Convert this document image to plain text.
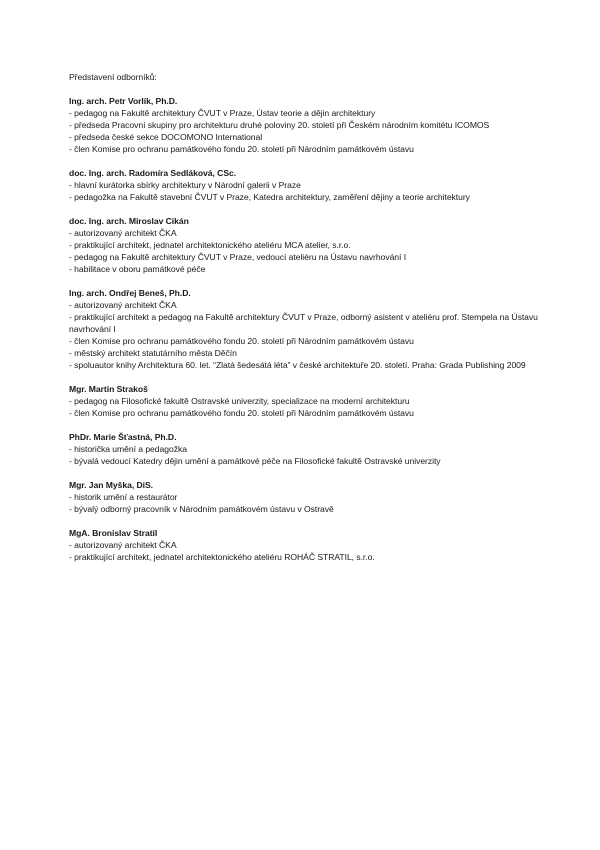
Představení odborníků:

Ing. arch. Petr Vorlík, Ph.D.

- pedagog na Fakultě architektury ČVUT v Praze, Ústav teorie a dějin architektury

- předseda Pracovní skupiny pro architekturu druhé poloviny 20. století při Českém národním komitétu ICOMOS

- předseda české sekce DOCOMONO International

- člen Komise pro ochranu památkového fondu 20. století při Národním památkovém ústavu

doc. Ing. arch. Radomíra Sedláková, CSc.

- hlavní kurátorka sbírky architektury v Národní galerii v Praze

- pedagožka na Fakultě stavební ČVUT v Praze, Katedra architektury, zaměření dějiny a teorie architektury

doc. Ing. arch. Miroslav Cikán

- autorizovaný architekt ČKA

- praktikující architekt, jednatel architektonického ateliéru MCA atelier, s.r.o.

- pedagog na Fakultě architektury ČVUT v Praze, vedoucí ateliéru na Ústavu navrhování I

- habilitace v oboru památkové péče

Ing. arch. Ondřej Beneš, Ph.D.

- autorizovaný architekt ČKA

- praktikující architekt a pedagog na Fakultě architektury ČVUT v Praze, odborný asistent v ateliéru prof. Stempela na Ústavu navrhování I

- člen Komise pro ochranu památkového fondu 20. století při Národním památkovém ústavu

- městský architekt statutárního města Děčín

- spoluautor knihy Architektura 60. let. “Zlatá šedesátá léta” v české architektuře 20. století. Praha: Grada Publishing 2009

Mgr. Martin Strakoš

- pedagog na Filosofické fakultě Ostravské univerzity, specializace na moderní architekturu

- člen Komise pro ochranu památkového fondu 20. století při Národním památkovém ústavu

PhDr. Marie Šťastná, Ph.D.

- historička umění a pedagožka

- bývalá vedoucí Katedry dějin umění a památkové péče na Filosofické fakultě Ostravské univerzity

Mgr. Jan Myška, DiS.

- historik umění a restaurátor

- bývalý odborný pracovník v Národním památkovém ústavu v Ostravě

MgA. Bronislav Stratil

- autorizovaný architekt ČKA

- praktikující architekt, jednatel architektonického ateliéru ROHÁČ STRATIL, s.r.o.
